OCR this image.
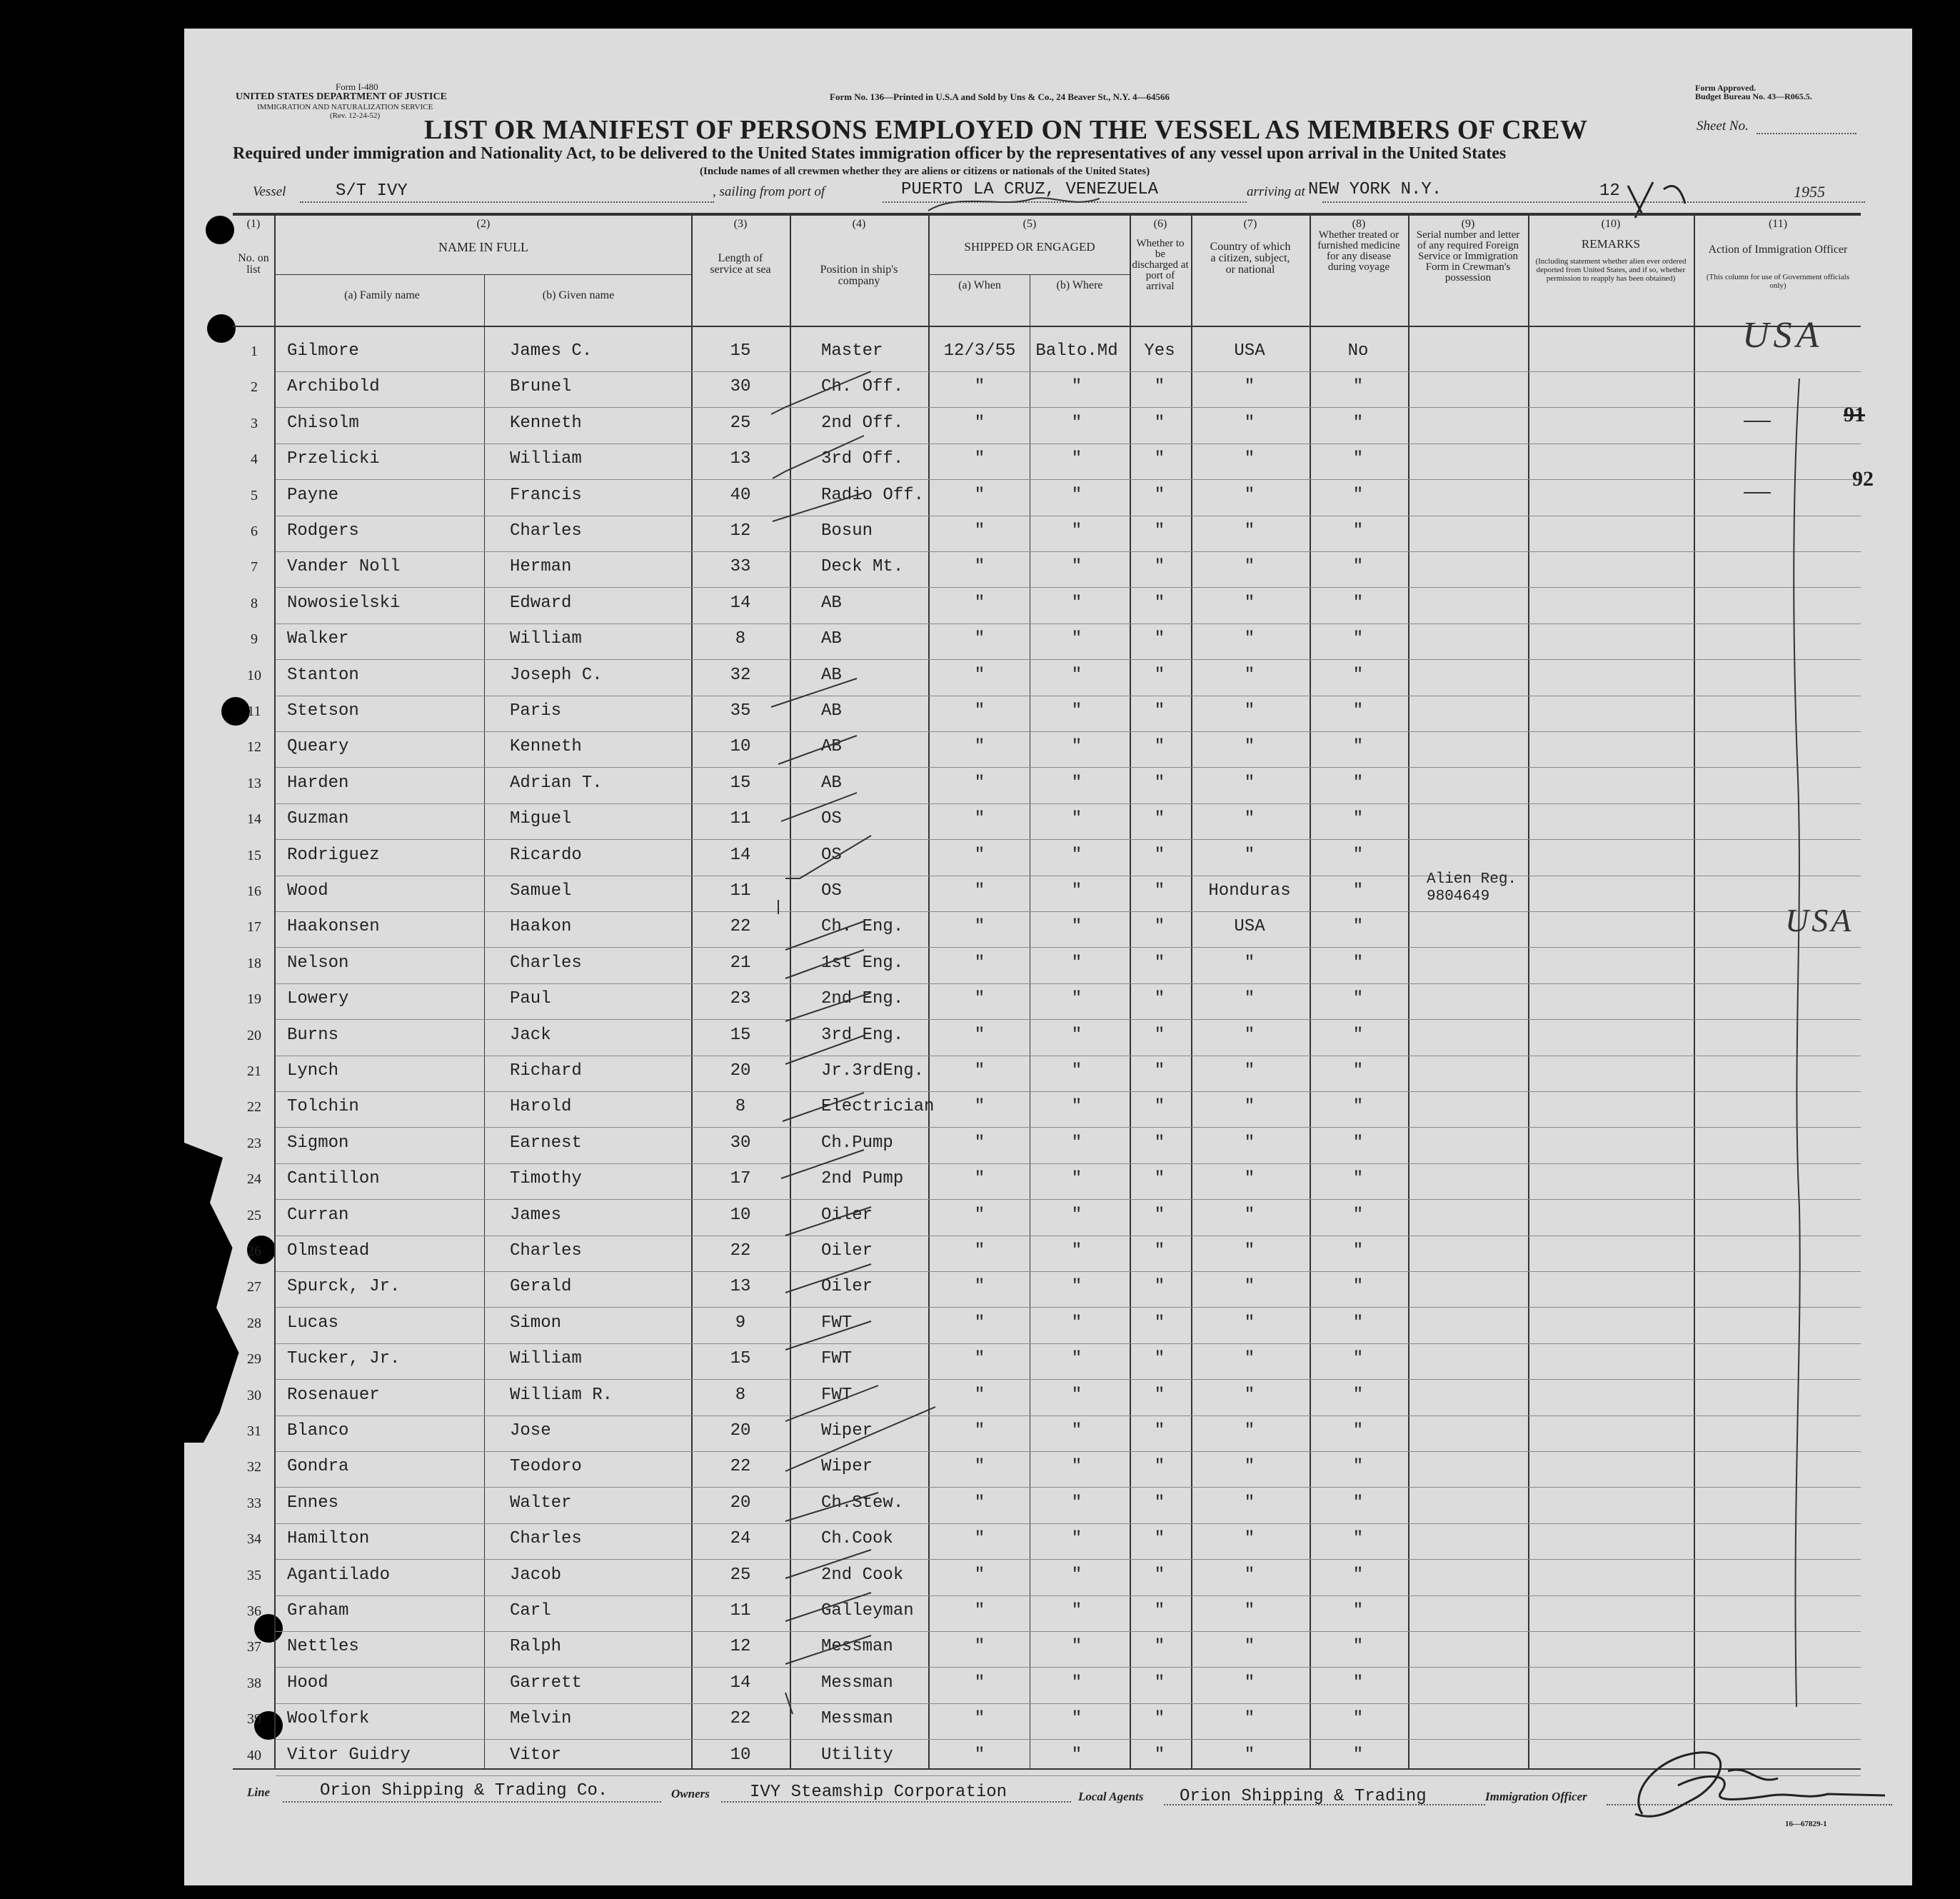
Form I-480
UNITED STATES DEPARTMENT OF JUSTICE
IMMIGRATION AND NATURALIZATION SERVICE
(Rev. 12-24-52)
Form No. 136—Printed in U.S.A and Sold by Uns & Co., 24 Beaver St., N.Y. 4—64566
Form Approved.
Budget Bureau No. 43—R065.5.
LIST OR MANIFEST OF PERSONS EMPLOYED ON THE VESSEL AS MEMBERS OF CREW	Sheet No.
Required under immigration and Nationality Act, to be delivered to the United States immigration officer by the representatives of any vessel upon arrival in the United States
(Include names of all crewmen whether they are aliens or citizens or nationals of the United States)
Vessel	S/T IVY	, sailing from port of	PUERTO LA CRUZ, VENEZUELA	arriving at NEW YORK N.Y.	12	1955
(1)
No. on list
(2)
NAME IN FULL
(a) Family name	(b) Given name
(3)
Length of service at sea
(4)
Position in ship's company
(5)
SHIPPED OR ENGAGED
(a) When	(b) Where
(6)
Whether to be discharged at port of arrival
(7)
Country of which a citizen, subject, or national
(8)
Whether treated or furnished medicine for any disease during voyage
(9)
Serial number and letter of any required Foreign Service or Immigration Form in Crewman's possession
(10)
REMARKS
(Including statement whether alien ever ordered deported from United States, and if so, whether permission to reapply has been obtained)
(11)
Action of Immigration Officer
(This column for use of Government officials only)
1	Gilmore	James C.	15	Master	12/3/55	Balto.Md	Yes	USA	No
2	Archibold	Brunel	30	Ch. Off.	"	"	"	"	"
3	Chisolm	Kenneth	25	2nd Off.	"	"	"	"	"
4	Przelicki	William	13	3rd Off.	"	"	"	"	"
5	Payne	Francis	40	Radio Off.	"	"	"	"	"
6	Rodgers	Charles	12	Bosun	"	"	"	"	"
7	Vander Noll	Herman	33	Deck Mt.	"	"	"	"	"
8	Nowosielski	Edward	14	AB	"	"	"	"	"
9	Walker	William	8	AB	"	"	"	"	"
10	Stanton	Joseph C.	32	AB	"	"	"	"	"
11	Stetson	Paris	35	AB	"	"	"	"	"
12	Queary	Kenneth	10	AB	"	"	"	"	"
13	Harden	Adrian T.	15	AB	"	"	"	"	"
14	Guzman	Miguel	11	OS	"	"	"	"	"
15	Rodriguez	Ricardo	14	OS	"	"	"	"	"
16	Wood	Samuel	11	OS	"	"	"	Honduras	"
Alien Reg. 9804649
17	Haakonsen	Haakon	22	Ch. Eng.	"	"	"	USA	"
18	Nelson	Charles	21	1st Eng.	"	"	"	"	"
19	Lowery	Paul	23	2nd Eng.	"	"	"	"	"
20	Burns	Jack	15	3rd Eng.	"	"	"	"	"
21	Lynch	Richard	20	Jr.3rdEng.	"	"	"	"	"
22	Tolchin	Harold	8	Electrician	"	"	"	"	"
23	Sigmon	Earnest	30	Ch.Pump	"	"	"	"	"
24	Cantillon	Timothy	17	2nd Pump	"	"	"	"	"
25	Curran	James	10	Oiler	"	"	"	"	"
26	Olmstead	Charles	22	Oiler	"	"	"	"	"
27	Spurck, Jr.	Gerald	13	Oiler	"	"	"	"	"
28	Lucas	Simon	9	FWT	"	"	"	"	"
29	Tucker, Jr.	William	15	FWT	"	"	"	"	"
30	Rosenauer	William R.	8	FWT	"	"	"	"	"
31	Blanco	Jose	20	Wiper	"	"	"	"	"
32	Gondra	Teodoro	22	Wiper	"	"	"	"	"
33	Ennes	Walter	20	Ch.Stew.	"	"	"	"	"
34	Hamilton	Charles	24	Ch.Cook	"	"	"	"	"
35	Agantilado	Jacob	25	2nd Cook	"	"	"	"	"
36	Graham	Carl	11	Galleyman	"	"	"	"	"
37	Nettles	Ralph	12	Messman	"	"	"	"	"
38	Hood	Garrett	14	Messman	"	"	"	"	"
39	Woolfork	Melvin	22	Messman	"	"	"	"	"
40	Vitor Guidry	Vitor	10	Utility	"	"	"	"	"
USA
91
92
USA
Line	Orion Shipping & Trading Co.	Owners IVY Steamship Corporation	Local Agents Orion Shipping & Trading	Immigration Officer
16—67829-1
